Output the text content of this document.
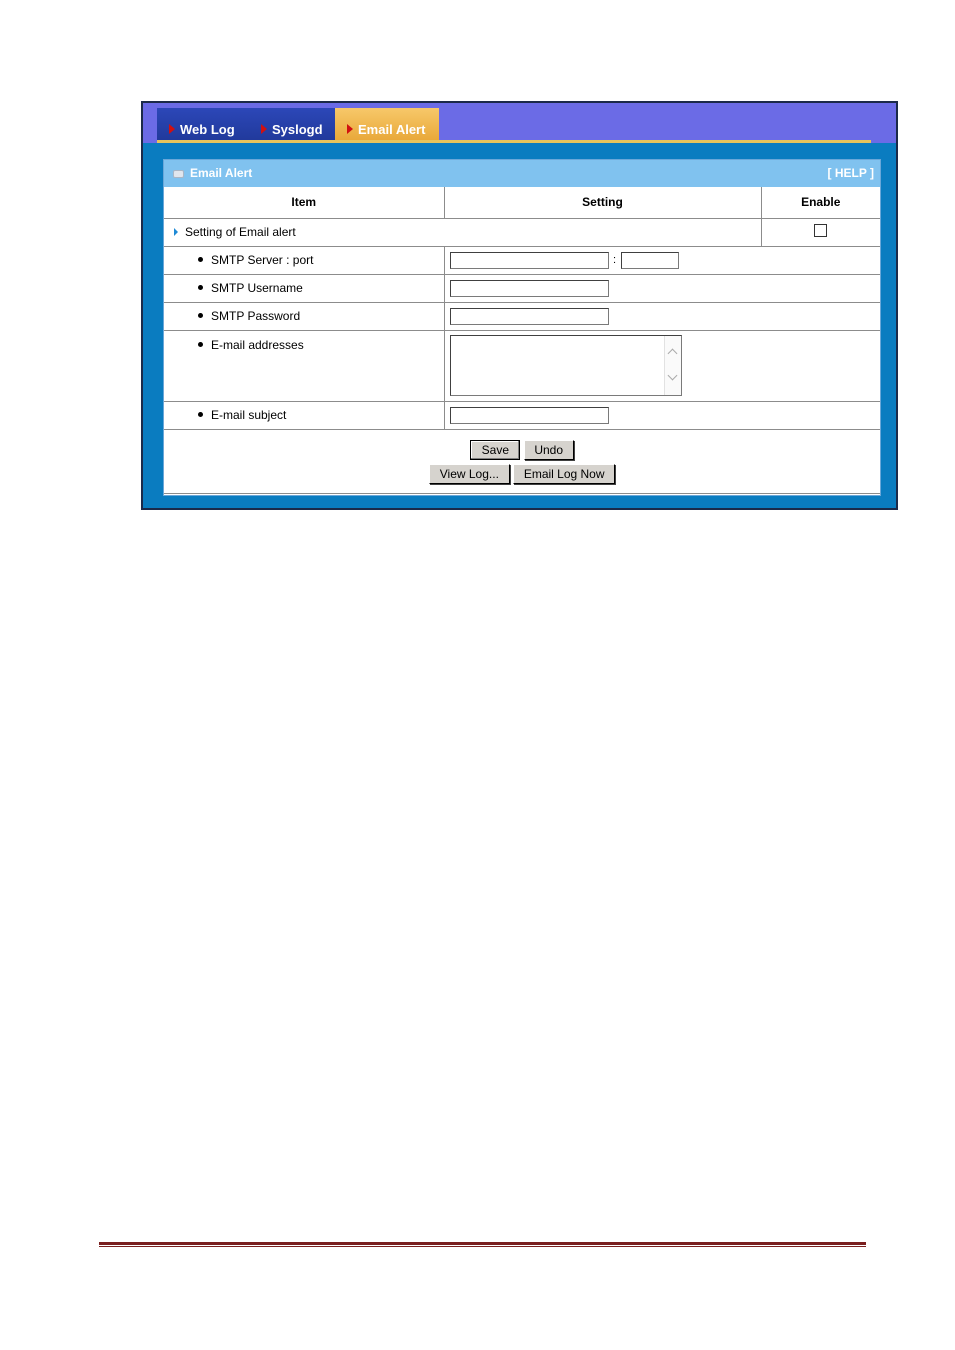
Web Log	Syslogd	Email Alert
Email Alert	[ HELP ]
Item	Setting	Enable
Setting of Email alert		
SMTP Server : port	:	
SMTP Username	
SMTP Password	
E-mail addresses	

E-mail subject	

Save Undo
View Log... Email Log Now		
